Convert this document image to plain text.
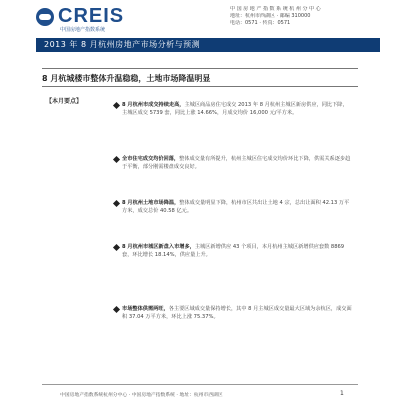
CREIS
中国房地产指数系统
中 国 房 地 产 指 数 系 统 杭 州 分 中 心
地址：杭州市西湖区 · 邮编 310000
电话：0571 · 传真：0571
2013 年 8 月杭州房地产市场分析与预测
8 月杭城楼市整体升温稳稳，土地市场降温明显
【本月要点】	8 月杭州市成交持续走高，主城区商品房住宅成交 2013 年 8 月杭州主城区新房供应，同比下降，主城区成交 5739 套，同比上涨 14.66%，月成交均价 16,000 元/平方米。
全市住宅成交均价回落，整体成交量有所提升，杭州主城区住宅成交均价环比下降，供需关系逐步趋于平衡，部分刚需楼盘成交良好。
8 月杭州土地市场降温，整体成交量明显下降，杭州市区共出让土地 4 宗，总出让面积 42.13 万平方米，成交总价 40.58 亿元。
8 月杭州市城区新盘入市增多，主城区新增供应 43 个项目，本月杭州主城区新增供应套数 8869 套，环比增长 18.14%，供应量上升。
市场整体供需两旺，各主要区域成交量保持增长，其中 8 月主城区成交量最大区域为余杭区，成交面积 37.04 万平方米，环比上涨 75.37%。
中国房地产指数系统杭州分中心 · 中国房地产指数系统 · 地址：杭州市西湖区	1
